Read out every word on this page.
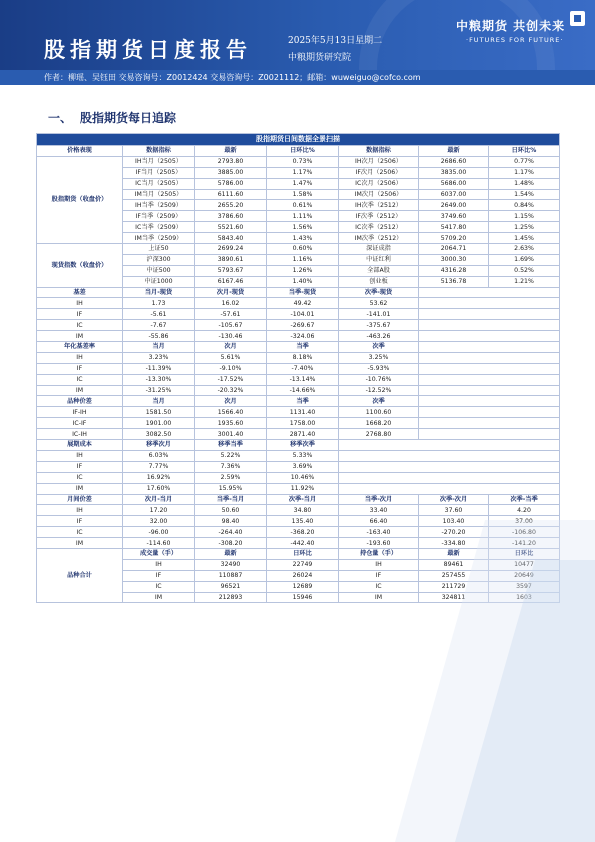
股指期货日度报告	2025年5月13日星期二
中粮期货研究院
中粮期货 共创未来
·FUTURES FOR FUTURE·
作者：柳瑶、吴钰田 交易咨询号：Z0012424 交易咨询号：Z0021112；邮箱：wuweiguo@cofco.com
一、 股指期货每日追踪
股指期货日间数据全景扫描						
价格表现	数据指标	最新	日环比%	数据指标	最新	日环比%
股指期货（收盘价）	IH当月（2505）	2793.80	0.73%	IH次月（2506）	2686.60	0.77%
	IF当月（2505）	3885.00	1.17%	IF次月（2506）	3835.00	1.17%
	IC当月（2505）	5786.00	1.47%	IC次月（2506）	5686.00	1.48%
	IM当月（2505）	6111.60	1.58%	IM次月（2506）	6037.00	1.54%
	IH当季（2509）	2655.20	0.61%	IH次季（2512）	2649.00	0.84%
	IF当季（2509）	3786.60	1.11%	IF次季（2512）	3749.60	1.15%
	IC当季（2509）	5521.60	1.56%	IC次季（2512）	5417.80	1.25%
	IM当季（2509）	5843.40	1.43%	IM次季（2512）	5709.20	1.45%
现货指数（收盘价）	上证50	2699.24	0.60%	深证成指	2064.71	2.63%
	沪深300	3890.61	1.16%	中证红利	3000.30	1.69%
	中证500	5793.67	1.26%	全部A股	4316.28	0.52%
	中证1000	6167.46	1.40%	创业板	5136.78	1.21%
基差	当月-现货	次月-现货	当季-现货	次季-现货		
IH	1.73	16.02	49.42	53.62		
IF	-5.61	-57.61	-104.01	-141.01		
IC	-7.67	-105.67	-269.67	-375.67		
IM	-55.86	-130.46	-324.06	-463.26		
年化基差率	当月	次月	当季	次季		
IH	3.23%	5.61%	8.18%	3.25%		
IF	-11.39%	-9.10%	-7.40%	-5.93%		
IC	-13.30%	-17.52%	-13.14%	-10.76%		
IM	-31.25%	-20.32%	-14.66%	-12.52%		
品种价差	当月	次月	当季	次季		
IF-IH	1581.50	1566.40	1131.40	1100.60		
IC-IF	1901.00	1935.60	1758.00	1668.20		
IC-IH	3082.50	3001.40	2871.40	2768.80		
展期成本	移季次月	移季当季	移季次季			
IH	6.03%	5.22%	5.33%			
IF	7.77%	7.36%	3.69%			
IC	16.92%	2.59%	10.46%			
IM	17.60%	15.95%	11.92%			
月间价差	次月-当月	当季-当月	次季-当月	当季-次月	次季-次月	次季-当季
IH	17.20	50.60	34.80	33.40	37.60	4.20
IF	32.00	98.40	135.40	66.40	103.40	37.00
IC	-96.00	-264.40	-368.20	-163.40	-270.20	-106.80
IM	-114.60	-308.20	-442.40	-193.60	-334.80	-141.20
品种合计	成交量（手）	最新	日环比	持仓量（手）	最新	日环比
	IH	32490	22749	IH	89461	10477
	IF	110887	26024	IF	257455	20649
	IC	96521	12689	IC	211729	3597
	IM	212893	15946	IM	324811	1603
